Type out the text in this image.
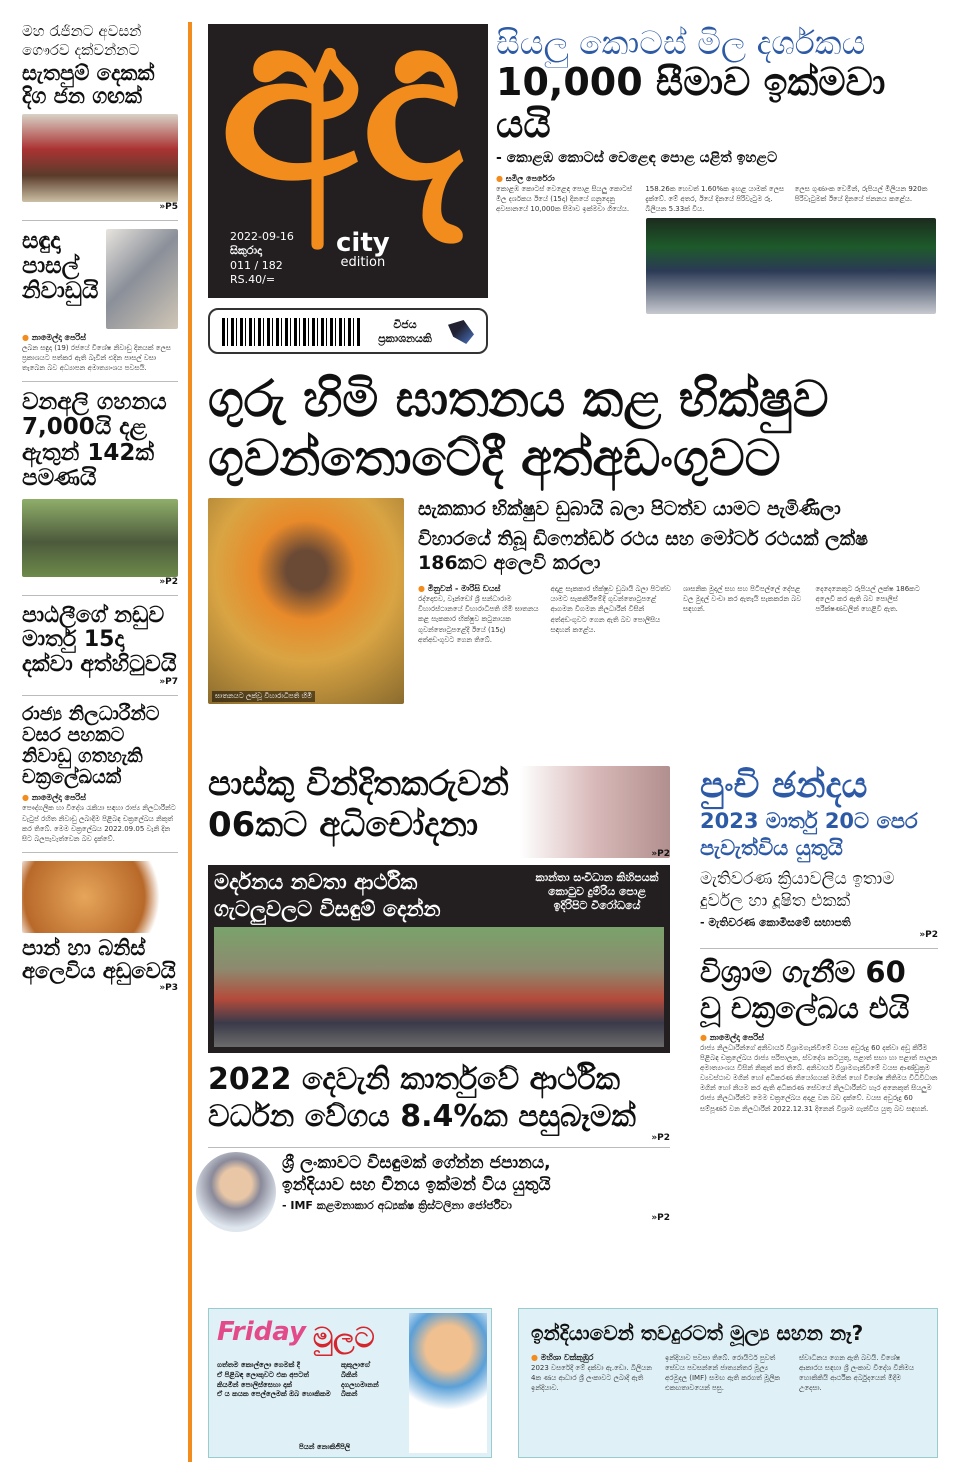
මහ රැජිනට අවසන් ගෞරව දක්වන්නට
සැතපුම් දෙකක් දිග ජන ගඟක්
»P5
සඳුදා පාසල් නිවාඩුයි
● නාමෙල්දා පෙරිස්
ලබන සඳුදා (19) රජයේ විශේෂ නිවාඩු දිනයක් ලෙස ප්‍රකාශයට පත්කර ඇති බැවින් එදින පාසල් වසා තැබෙන බව අධ්‍යාපන අමාත්‍යාංශය පවසයි.
වනඅලි ගහනය 7,000යි දළ ඇතුන් 142ක් පමණයි
»P2
පාඨලීගේ නඩුව මාර්තු 15දා දක්වා අත්හිටුවයි
»P7
රාජ්‍ය නිලධාරීන්ට වසර පහකට නිවාඩු ගතහැකි චක්‍රලේඛයක්
● නාමෙල්දා පෙරිස්
පෞද්ගලික හා විදේශ රැකියා සඳහා රාජ්‍ය නිලධාරීන්ට වැටුප් රහිත නිවාඩු ලබාදීම පිළිබඳ චක්‍රලේඛය නිකුත් කර තිබේ. මෙම චක්‍රලේඛය 2022.09.05 වැනි දින සිට බලපැවැත්වෙන බව දැක්වේ.
පාන් හා බනිස් අලෙවිය අඩුවෙයි
»P3
අද
2022-09-16
සිකුරාදා
011 / 182
RS.40/=
city
edition
විජය ප්‍රකාශනයකි
සියලු කොටස් මිල දර්ශකය
10,000 සීමාව ඉක්මවා යයි
- කොළඹ කොටස් වෙළෙඳ පොළ යළිත් ඉහළට
● සමිල පෙරේරා
කොළඹ කොටස් වෙළෙඳ පොළ සියලු කොටස් මිල දර්ශකය ඊයේ (15දා) දිනයේ ගනුදෙනු අවසානයේ 10,000ක සීමාව ඉක්මවා ගියේය.
158.26ක හෙවත් 1.60%ක ඉහළ යාමක් ලෙස දැක්වේ. මේ අතර, ඊයේ දිනයේ පිරිවැටුම රු. බිලියන 5.33ක් විය.
ලෙස ගුණාංක වෙමින්, රුපියල් මිලියන 920ක පිරිවැටුමක් ඊයේ දිනයේ ජනනය කළේය.
ගුරු හිමි ඝාතනය කළ භික්ෂුව
ගුවන්තොටේදී අත්අඩංගුවට
ඝාතනයට ලක්වූ විහාරාධිපති හිමි
සැකකාර භික්ෂුව ඩුබායි බලා පිටත්ව යාමට පැමිණිලා
විහාරයේ තිබූ ඩිෆෙන්ඩර් රථය සහ මෝටර් රථයක් ලක්ෂ 186කට අලෙවි කරලා
● මිනුවන් - මාරිසි ඩයස්
රද්දොළුව, වෑන්ඩෝ ශ්‍රී සන්ධාරාම විහාරස්ථානයේ විහාරාධිපති හිමි ඝාතනය කළ සැකකාර භික්ෂුව කටුනායක ගුවන්තොටුපළේදී ඊයේ (15දා) අත්අඩංගුවට ගෙන තිබේ.
අදාළ සැකකාර භික්ෂුව ඩුබායි බලා පිටත්ව යාමට සැකකිරීමේදී ගුවන්තොටුපළේ ආගමන විගමන නිලධාරීන් විසින් අත්අඩංගුවට ගෙන ඇති බව පොලිසිය සඳහන් කළේය.
ශාසනික මුදල් සහ සහ පිටිපල්ලේ දේපළ වල මුදල් වංචා කර ඇතැයි සැකකරන බව සඳහන්.
දෙදෙනෙකුට රුපියල් ලක්ෂ 186කට අලෙවි කර ඇති බව පොලිස් පරීක්ෂණවලින් හෙළිවී ඇත.
පාස්කු වින්දිතකරුවන්
06කට අධිචෝදනා
»P2
මර්දනය නවතා ආර්ථික
ගැටලුවලට විසඳුම් දෙන්න
කාන්තා සංවිධාන කිහිපයක් කොටුව දුම්රිය පොළ ඉදිරිපිට විරෝධයේ
2022 දෙවැනි කාර්තුවේ ආර්ථික
වර්ධන වේගය 8.4%ක පසුබෑමක්
»P2
ශ්‍රී ලංකාවට විසඳුමක් ගේන්න ජපානය,
ඉන්දියාව සහ චීනය ඉක්මන් විය යුතුයි
- IMF කළමනාකාර අධ්‍යක්ෂ ක්‍රිස්ටලිනා ජෝර්ජීවා
»P2
පුංචි ඡන්දය
2023 මාර්තු 20ට පෙර
පැවැත්විය යුතුයි
මැතිවරණ ක්‍රියාවලිය ඉතාම දුර්වල හා දූෂිත එකක්
- මැතිවරණ කොමිසමේ සභාපති
»P2
විශ්‍රාම ගැනීම 60
වූ චක්‍රලේඛය එයි
● නාමෙල්දා පෙරිස්
රාජ්‍ය නිලධාරීන්ගේ අනිවාර්ය විශ්‍රාමගැන්වීමේ වයස අවුරුදු 60 දක්වා අඩු කිරීම පිළිබඳ චක්‍රලේඛය රාජ්‍ය පරිපාලන, ස්වදේශ කටයුතු, පළාත් සභා හා පළාත් පාලන අමාත්‍යාංශය විසින් නිකුත් කර තිබේ. අනිවාර්ය විශ්‍රාමගැන්වීමේ වයස ආණ්ඩුක්‍රම ව්‍යවස්ථාව මගින් හෝ අධිකරණ නියෝගයක් මගින් හෝ විශේෂ නීතිමය විධිවිධාන මගින් හෝ නියම කර ඇති අධිකරණ සේවයේ නිලධාරීන්ට හැර අනෙකුත් සියලුම රාජ්‍ය නිලධාරීන්ට මෙම චක්‍රලේඛය අදාළ වන බව දැක්වේ. වයස අවුරුදු 60 සම්පූර්ණ වන නිලධාරීන් 2022.12.31 දිනෙන් විශ්‍රාම ගැන්විය යුතු බව සඳහන්.
Friday මුලට
ගත්තම කොල්ලො ගෙමක් දී
ඒ පිළිබඳ ලොකුවට එක අපටත්
කියමින් පොලිස්සෙහා දාක්
ඒ ය කයක පෙල්ලෙමක් ඔබ හොකිකම
කුකුලාගේ
බිකින්
දගලහමානන්
බිකන්
පියන් නොකිජිපිලි
ඉන්දියාවෙන් තවදුරටත් මූල්‍ය සහන නෑ?
● මහිශා වක්කුඹුර
2023 වසරේදී මේ දක්වා ඇ.ඩො. බිලියන 4ක ණය ආධාර ශ්‍රී ලංකාවට ලබාදී ඇති ඉන්දියාව.
ඉන්දියාව පවසා තිබේ. රොයිටර් පුවත් සේවය පවසන්නේ ජාත්‍යන්තර මූල්‍ය අරමුදල (IMF) සමඟ ඇති කරගත් මූලික එකඟතාවයෙන් පසු.
ස්වාධීනය ගෙන ඇති බවයි. විශේෂ ආකාරය සඳහා ශ්‍රී ලංකාව විදේශ විනිමය හොකිකියි ආර්ථික අර්බුදයෙන් මිදීම උදෙසා.
